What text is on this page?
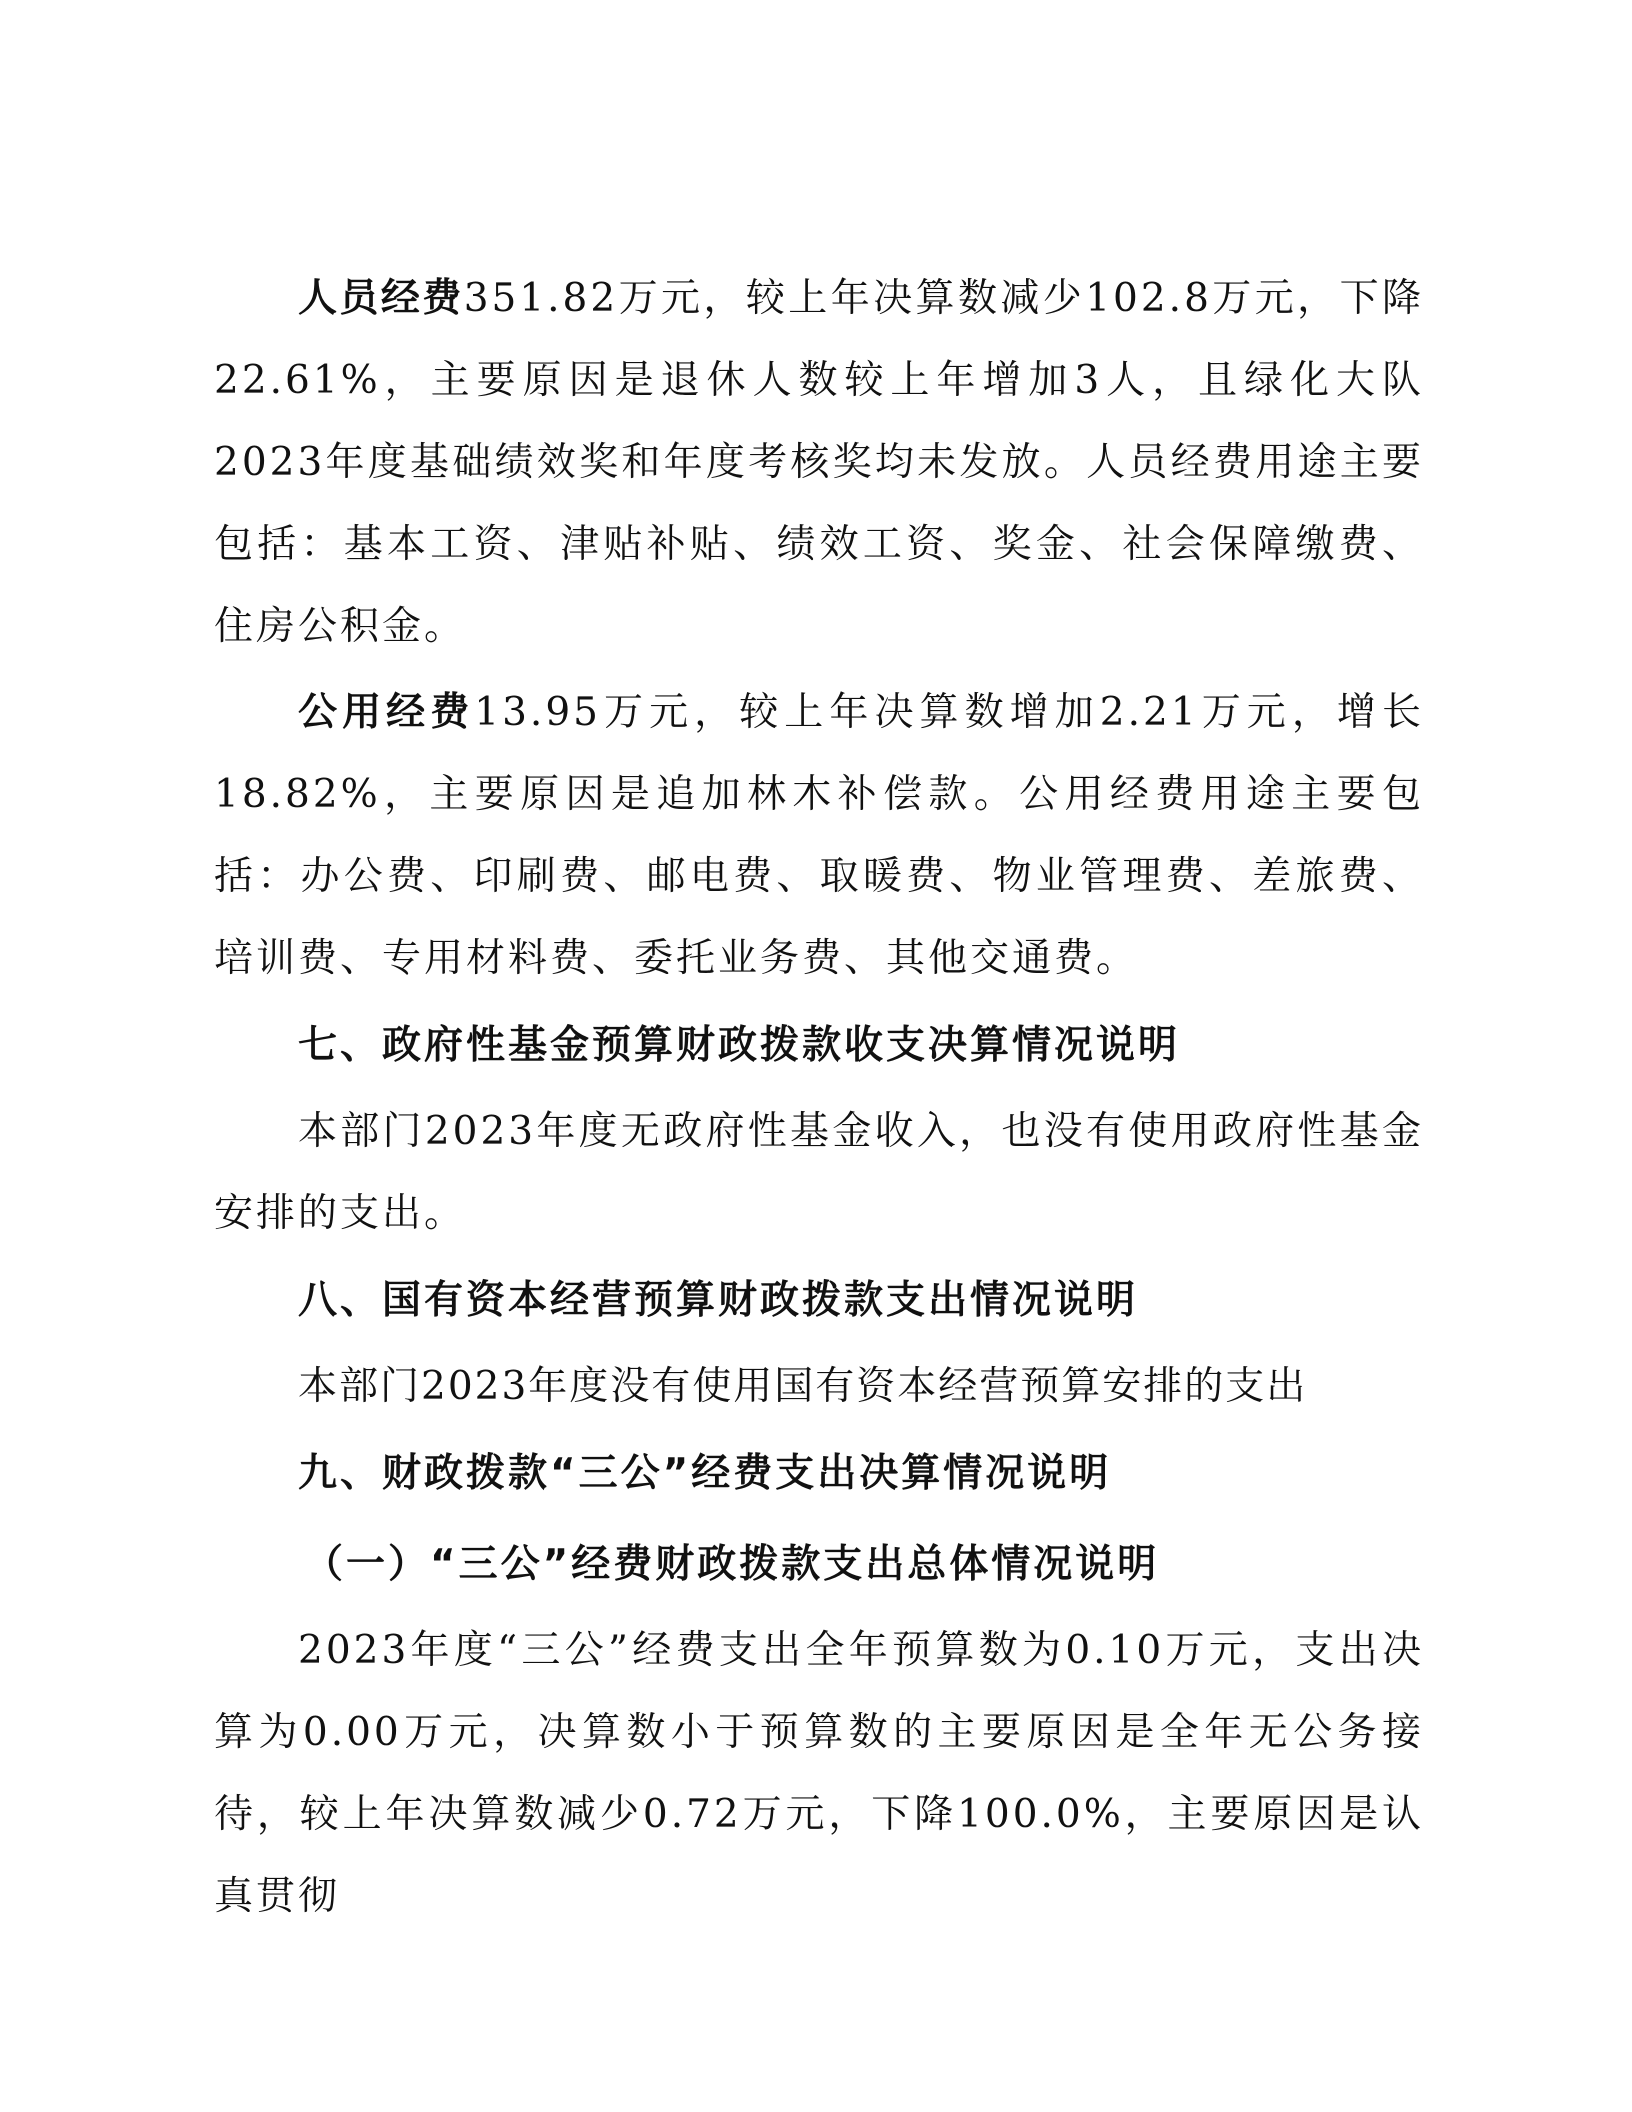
人员经费351.82万元，较上年决算数减少102.8万元，下降22.61%，主要原因是退休人数较上年增加3人，且绿化大队2023年度基础绩效奖和年度考核奖均未发放。人员经费用途主要包括：基本工资、津贴补贴、绩效工资、奖金、社会保障缴费、住房公积金。

公用经费13.95万元，较上年决算数增加2.21万元，增长18.82%，主要原因是追加林木补偿款。公用经费用途主要包括：办公费、印刷费、邮电费、取暖费、物业管理费、差旅费、培训费、专用材料费、委托业务费、其他交通费。

七、政府性基金预算财政拨款收支决算情况说明

本部门2023年度无政府性基金收入，也没有使用政府性基金安排的支出。

八、国有资本经营预算财政拨款支出情况说明

本部门2023年度没有使用国有资本经营预算安排的支出

九、财政拨款“三公”经费支出决算情况说明
（一）“三公”经费财政拨款支出总体情况说明

2023年度“三公”经费支出全年预算数为0.10万元，支出决算为0.00万元，决算数小于预算数的主要原因是全年无公务接待，较上年决算数减少0.72万元，下降100.0%，主要原因是认真贯彻
